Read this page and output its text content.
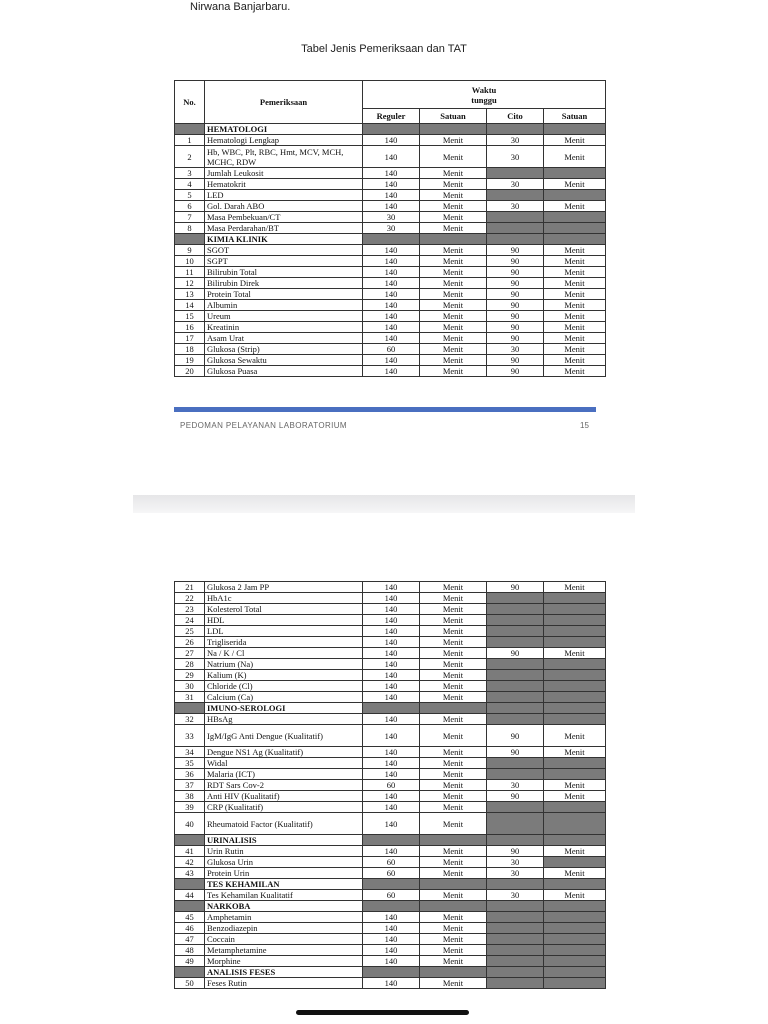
Nirwana Banjarbaru.
Tabel Jenis Pemeriksaan dan TAT
No.	Pemeriksaan	Waktu tunggu			

		Reguler	Satuan	Cito	Satuan
	HEMATOLOGI				
1	Hematologi Lengkap	140	Menit	30	Menit
2	Hb, WBC, Plt, RBC, Hmt, MCV, MCH, MCHC, RDW	140	Menit	30	Menit
3	Jumlah Leukosit	140	Menit		
4	Hematokrit	140	Menit	30	Menit
5	LED	140	Menit		
6	Gol. Darah ABO	140	Menit	30	Menit
7	Masa Pembekuan/CT	30	Menit		
8	Masa Perdarahan/BT	30	Menit		
	KIMIA KLINIK				
9	SGOT	140	Menit	90	Menit
10	SGPT	140	Menit	90	Menit
11	Bilirubin Total	140	Menit	90	Menit
12	Bilirubin Direk	140	Menit	90	Menit
13	Protein Total	140	Menit	90	Menit
14	Albumin	140	Menit	90	Menit
15	Ureum	140	Menit	90	Menit
16	Kreatinin	140	Menit	90	Menit
17	Asam Urat	140	Menit	90	Menit
18	Glukosa (Strip)	60	Menit	30	Menit
19	Glukosa Sewaktu	140	Menit	90	Menit
20	Glukosa Puasa	140	Menit	90	Menit
PEDOMAN PELAYANAN LABORATORIUM	15
21	Glukosa 2 Jam PP	140	Menit	90	Menit
22	HbA1c	140	Menit		
23	Kolesterol Total	140	Menit		
24	HDL	140	Menit		
25	LDL	140	Menit		
26	Trigliserida	140	Menit		
27	Na / K / Cl	140	Menit	90	Menit
28	Natrium (Na)	140	Menit		
29	Kalium (K)	140	Menit		
30	Chloride (Cl)	140	Menit		
31	Calcium (Ca)	140	Menit		
	IMUNO-SEROLOGI				
32	HBsAg	140	Menit		
33	IgM/IgG Anti Dengue (Kualitatif)	140	Menit	90	Menit
34	Dengue NS1 Ag (Kualitatif)	140	Menit	90	Menit
35	Widal	140	Menit		
36	Malaria (ICT)	140	Menit		
37	RDT Sars Cov-2	60	Menit	30	Menit
38	Anti HIV (Kualitatif)	140	Menit	90	Menit
39	CRP (Kualitatif)	140	Menit		
40	Rheumatoid Factor (Kualitatif)	140	Menit		
	URINALISIS				
41	Urin Rutin	140	Menit	90	Menit
42	Glukosa Urin	60	Menit	30	
43	Protein Urin	60	Menit	30	Menit
	TES KEHAMILAN				
44	Tes Kehamilan Kualitatif	60	Menit	30	Menit
	NARKOBA				
45	Amphetamin	140	Menit		
46	Benzodiazepin	140	Menit		
47	Coccain	140	Menit		
48	Metamphetamine	140	Menit		
49	Morphine	140	Menit		
	ANALISIS FESES				
50	Feses Rutin	140	Menit		
